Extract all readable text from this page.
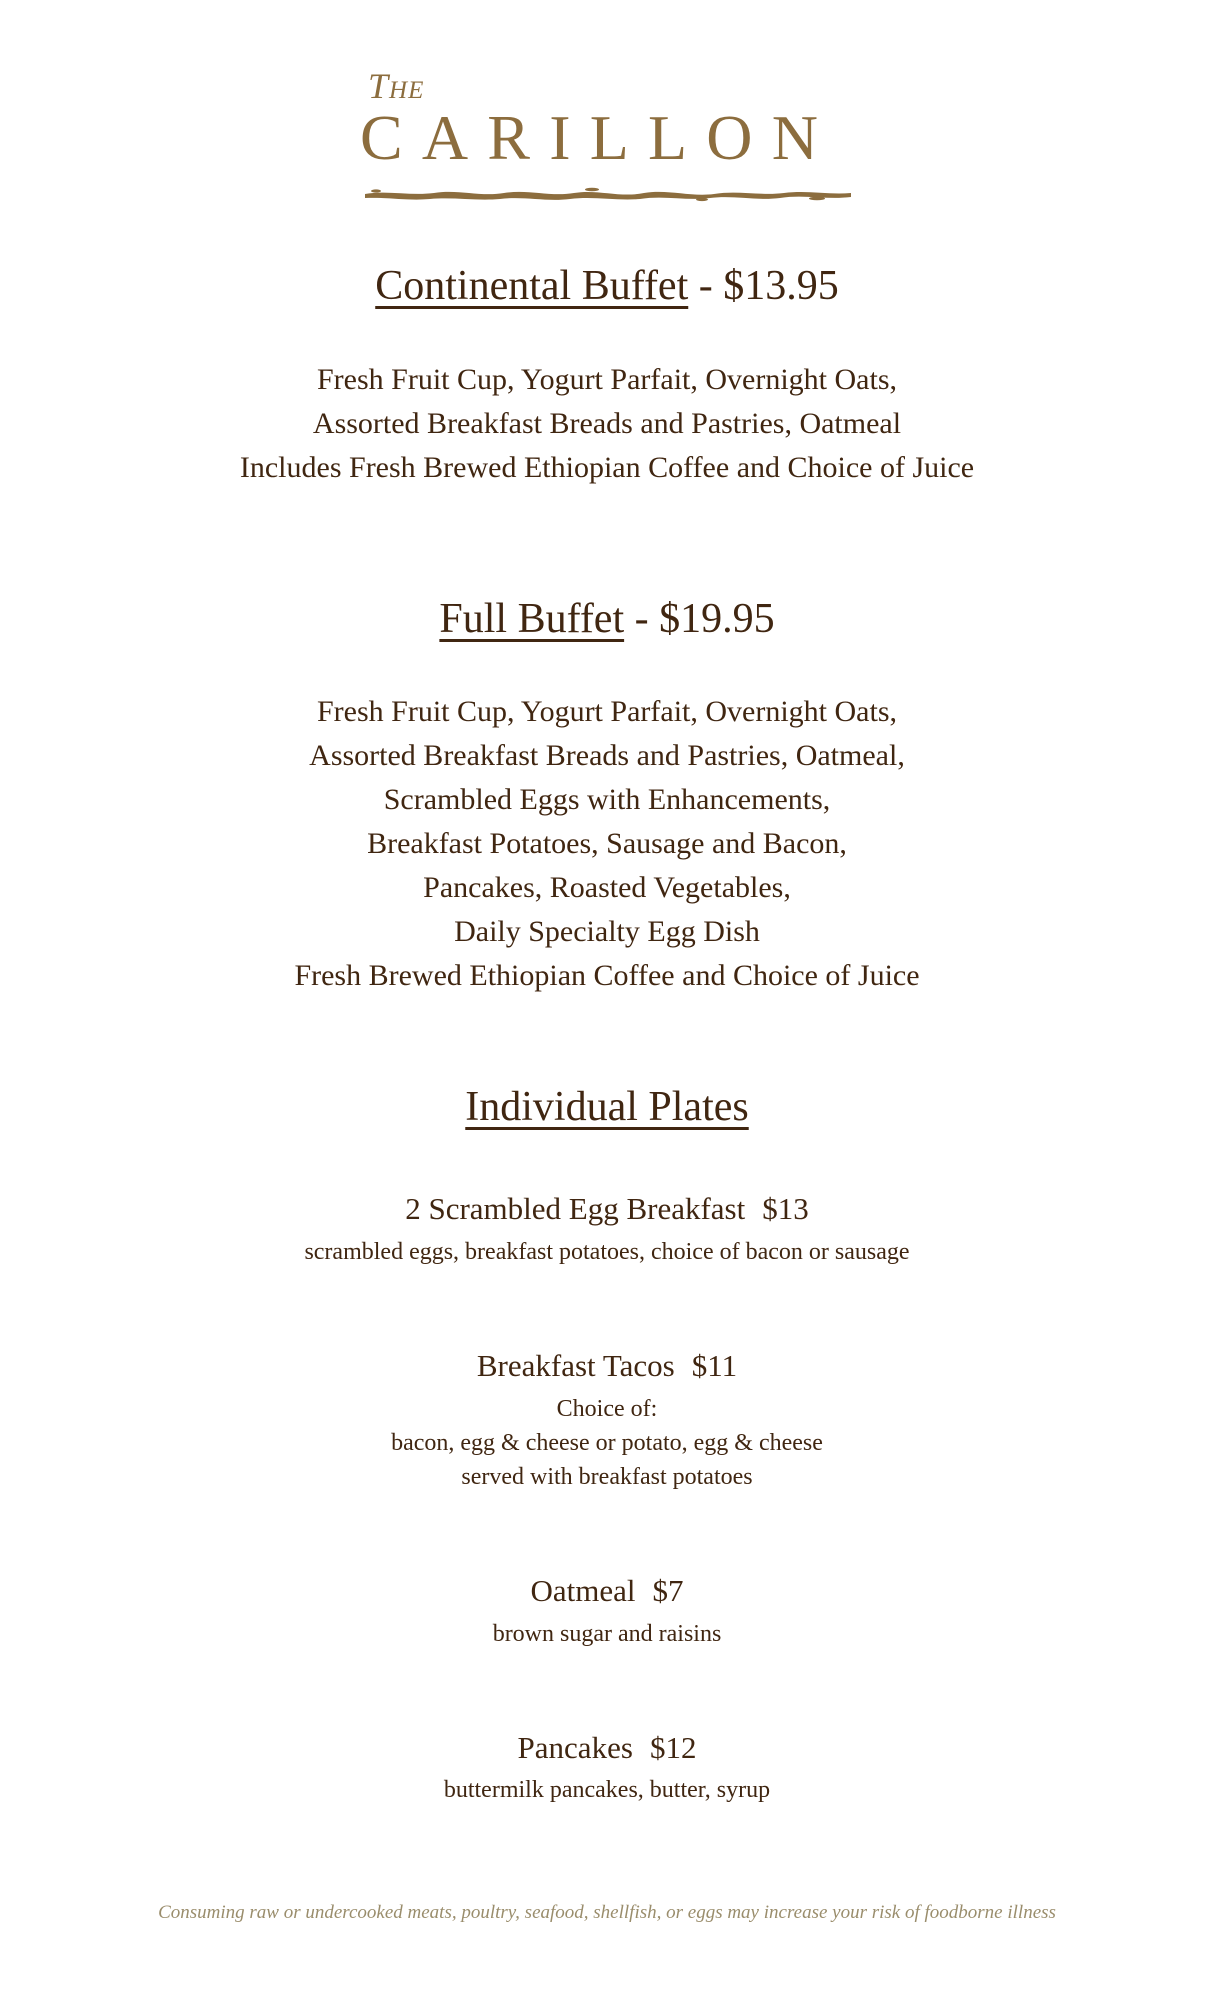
The
CARILLON
Continental Buffet - $13.95
Fresh Fruit Cup, Yogurt Parfait, Overnight Oats,
Assorted Breakfast Breads and Pastries, Oatmeal
Includes Fresh Brewed Ethiopian Coffee and Choice of Juice
Full Buffet - $19.95
Fresh Fruit Cup, Yogurt Parfait, Overnight Oats,
Assorted Breakfast Breads and Pastries, Oatmeal,
Scrambled Eggs with Enhancements,
Breakfast Potatoes, Sausage and Bacon,
Pancakes, Roasted Vegetables,
Daily Specialty Egg Dish
Fresh Brewed Ethiopian Coffee and Choice of Juice
Individual Plates
2 Scrambled Egg Breakfast $13
scrambled eggs, breakfast potatoes, choice of bacon or sausage
Breakfast Tacos $11
Choice of:
bacon, egg & cheese or potato, egg & cheese
served with breakfast potatoes
Oatmeal $7
brown sugar and raisins
Pancakes $12
buttermilk pancakes, butter, syrup
Consuming raw or undercooked meats, poultry, seafood, shellfish, or eggs may increase your risk of foodborne illness
